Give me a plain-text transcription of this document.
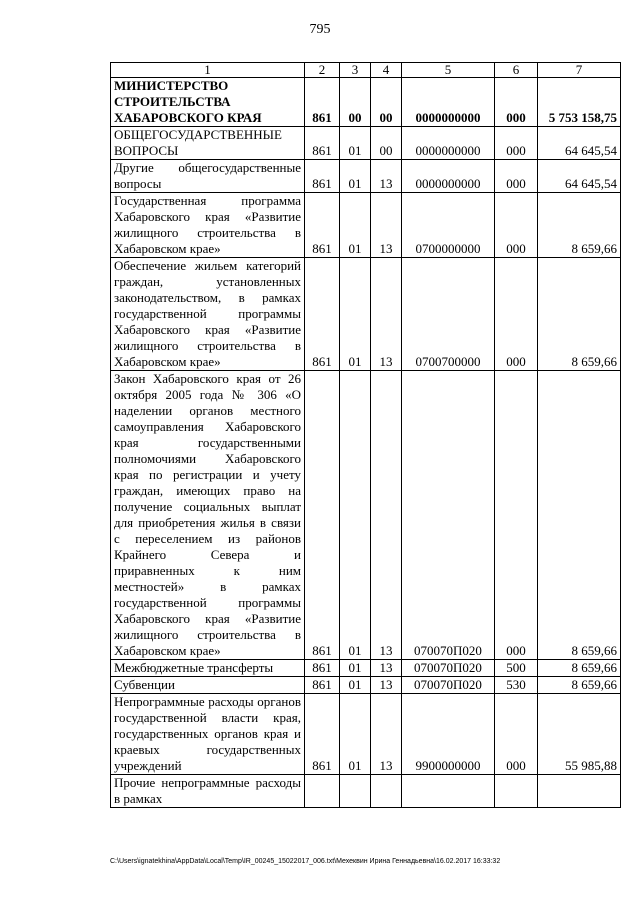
795
1	2	3	4	5	6	7
МИНИСТЕРСТВО СТРОИТЕЛЬСТВА ХАБАРОВСКОГО КРАЯ	861	00	00	0000000000	000	5 753 158,75
ОБЩЕГОСУДАРСТВЕННЫЕ ВОПРОСЫ	861	01	00	0000000000	000	64 645,54
Другие общегосударственные вопросы	861	01	13	0000000000	000	64 645,54
Государственная программа Хабаровского края «Развитие жилищного строительства в Хабаровском крае»	861	01	13	0700000000	000	8 659,66
Обеспечение жильем категорий граждан, установленных законодательством, в рамках государственной программы Хабаровского края «Развитие жилищного строительства в Хабаровском крае»	861	01	13	0700700000	000	8 659,66
Закон Хабаровского края от 26 октября 2005 года № 306 «О наделении органов местного самоуправления Хабаровского края государственными полномочиями Хабаровского края по регистрации и учету граждан, имеющих право на получение социальных выплат для приобретения жилья в связи с переселением из районов Крайнего Севера и приравненных к ним местностей» в рамках государственной программы Хабаровского края «Развитие жилищного строительства в Хабаровском крае»	861	01	13	070070П020	000	8 659,66
Межбюджетные трансферты	861	01	13	070070П020	500	8 659,66
Субвенции	861	01	13	070070П020	530	8 659,66
Непрограммные расходы органов государственной власти края, государственных органов края и краевых государственных учреждений	861	01	13	9900000000	000	55 985,88
Прочие непрограммные расходы в рамках						
C:\Users\ignatekhina\AppData\Local\Temp\IR_00245_15022017_006.txt\Мехеквин Ирина Геннадьевна\16.02.2017 16:33:32
